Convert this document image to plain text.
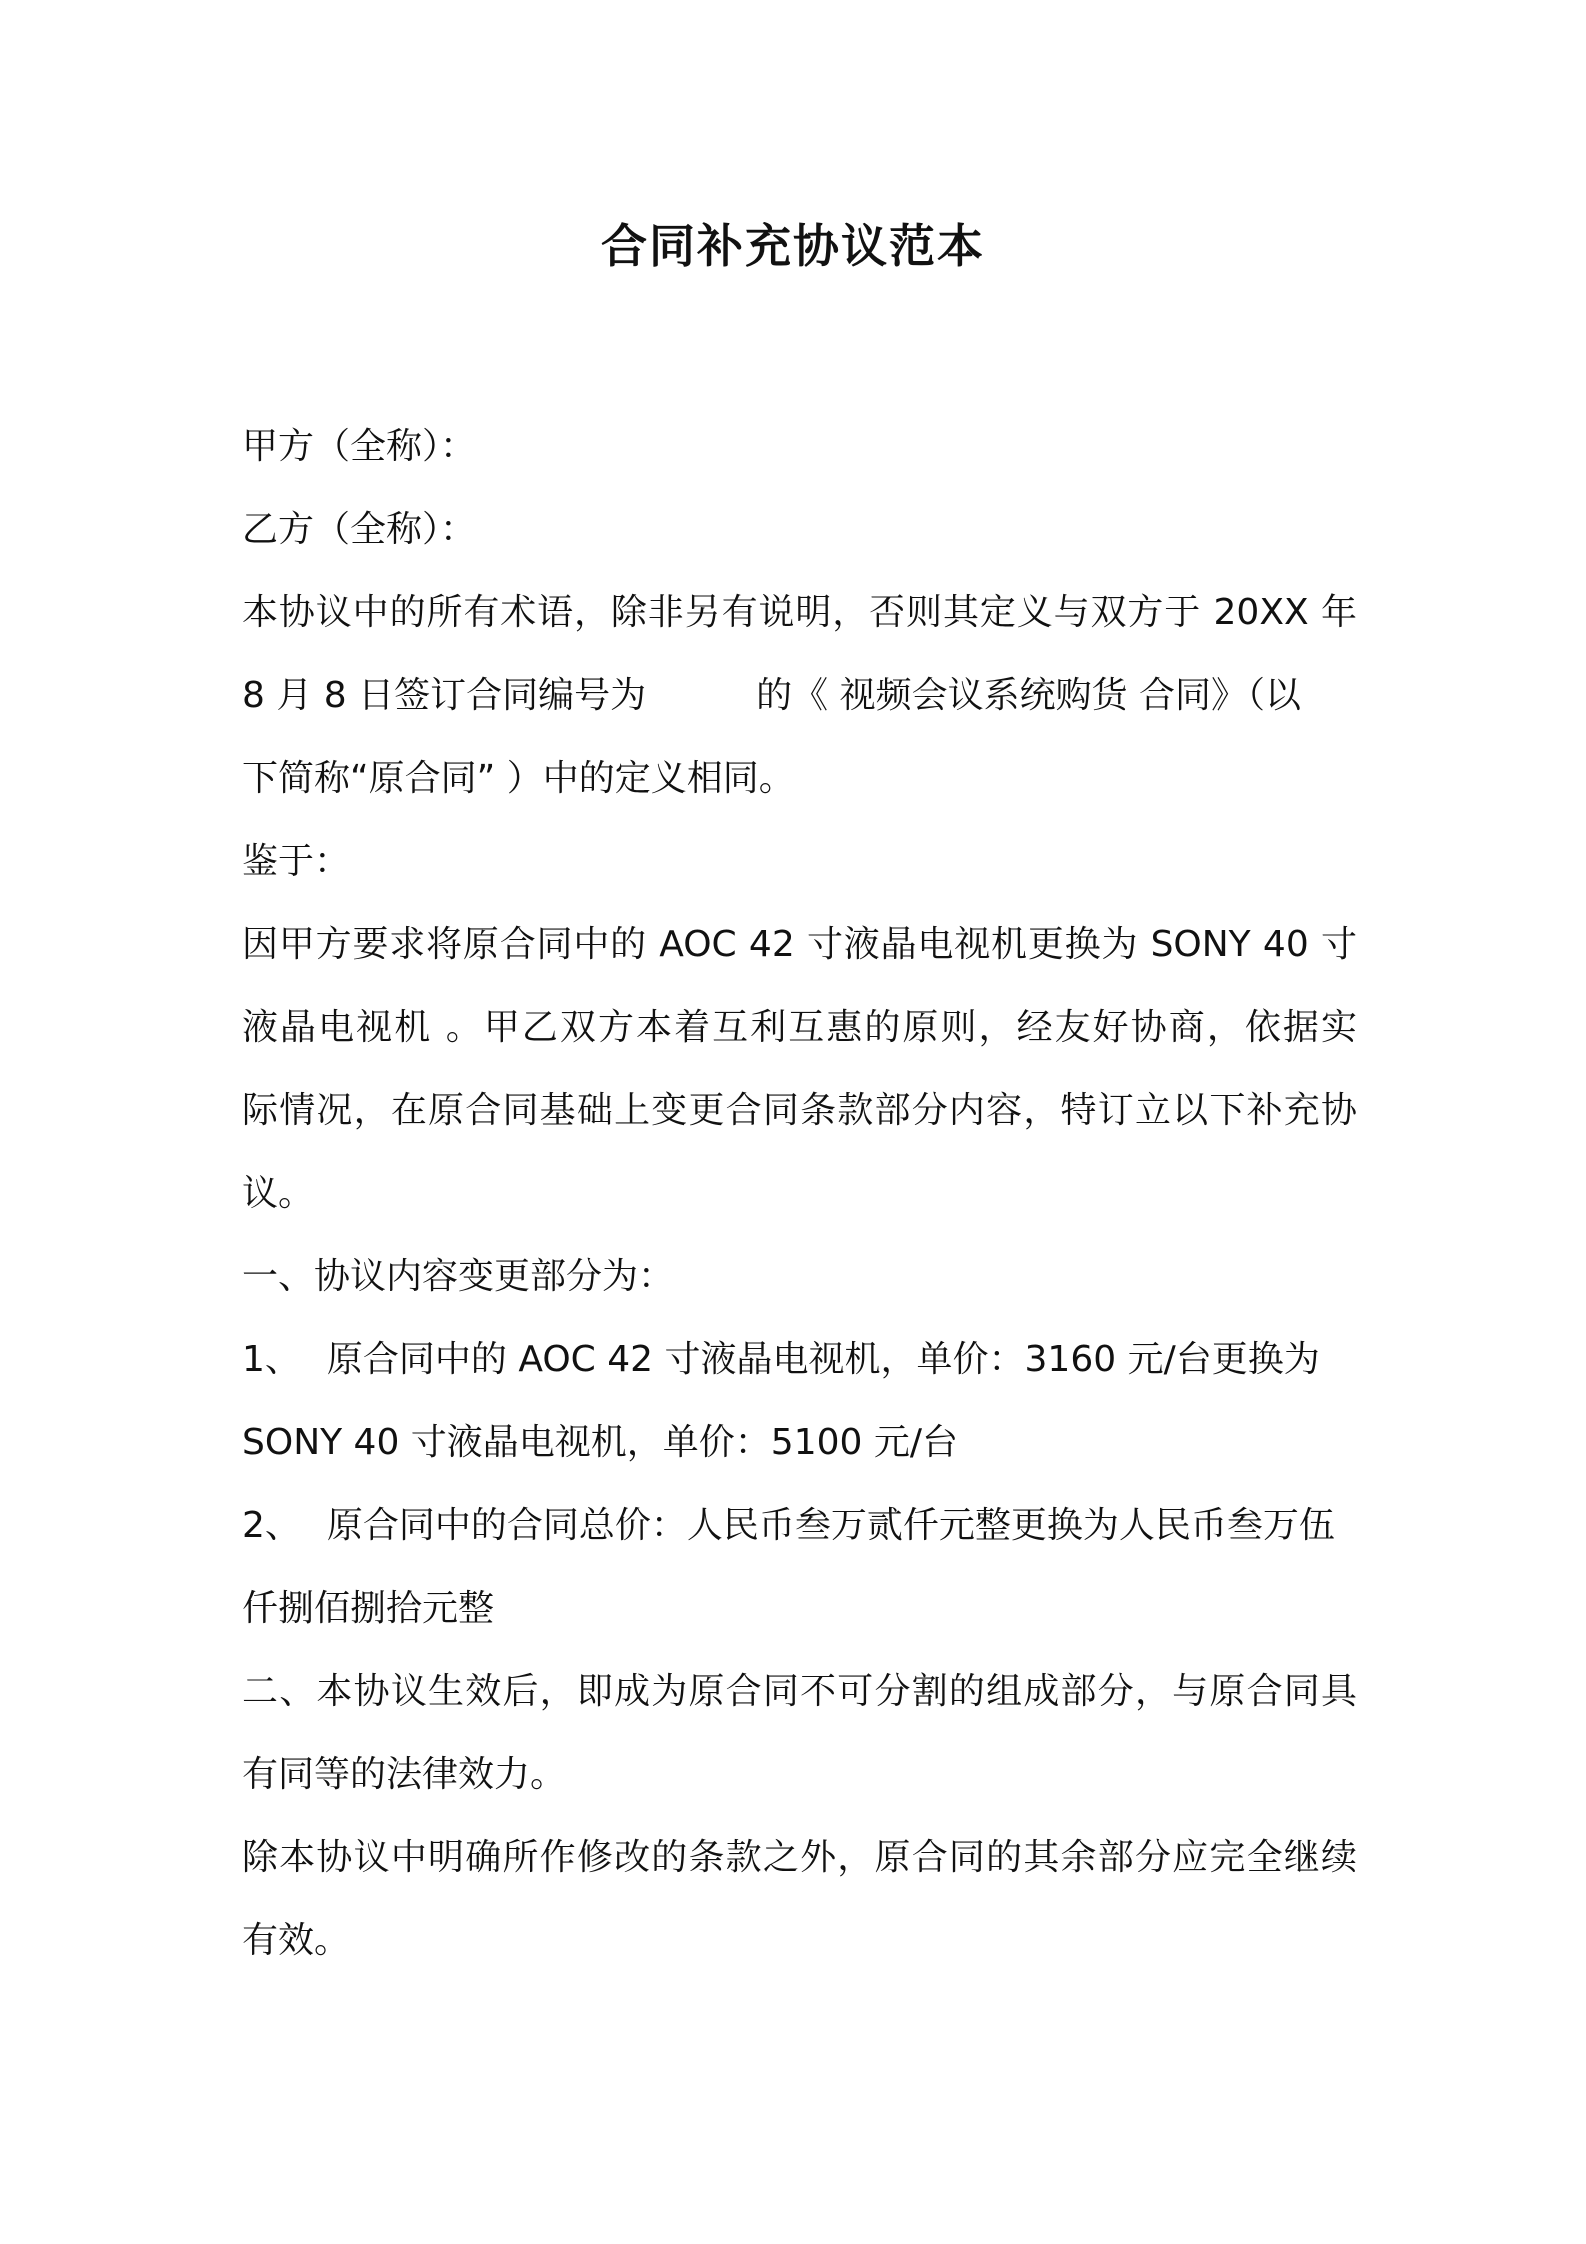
合同补充协议范本
甲方（全称）：
乙方（全称）：
本协议中的所有术语，除非另有说明，否则其定义与双方于 20XX 年
8 月 8 日签订合同编号为	的《 视频会议系统购货 合同》（以
下简称“原合同” ）中的定义相同。
鉴于：
因甲方要求将原合同中的 AOC 42 寸液晶电视机更换为 SONY 40 寸
液晶电视机 。甲乙双方本着互利互惠的原则，经友好协商，依据实
际情况，在原合同基础上变更合同条款部分内容，特订立以下补充协
议。
一、协议内容变更部分为：
1、 原合同中的 AOC 42 寸液晶电视机，单价：3160 元/台更换为
SONY 40 寸液晶电视机，单价：5100 元/台
2、 原合同中的合同总价：人民币叁万贰仟元整更换为人民币叁万伍
仟捌佰捌拾元整
二、本协议生效后，即成为原合同不可分割的组成部分，与原合同具
有同等的法律效力。
除本协议中明确所作修改的条款之外，原合同的其余部分应完全继续
有效。
